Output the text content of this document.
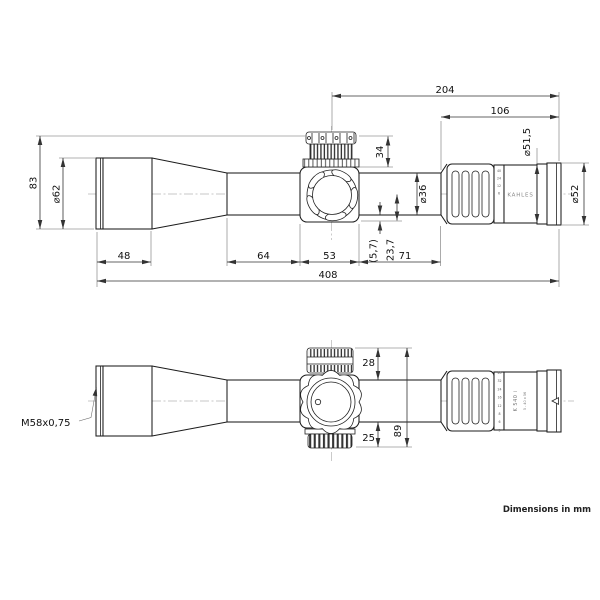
40 24 12 6 KAHLES
204
106
83
⌀62
34
⌀36
(5,7) 23,7
48	64	53	71
408
⌀51,5
⌀52
40 32 24 16 12 8 6 5
K 540 i 5 - 40 x 56
28
25
89
M58x0,75
Dimensions in mm
